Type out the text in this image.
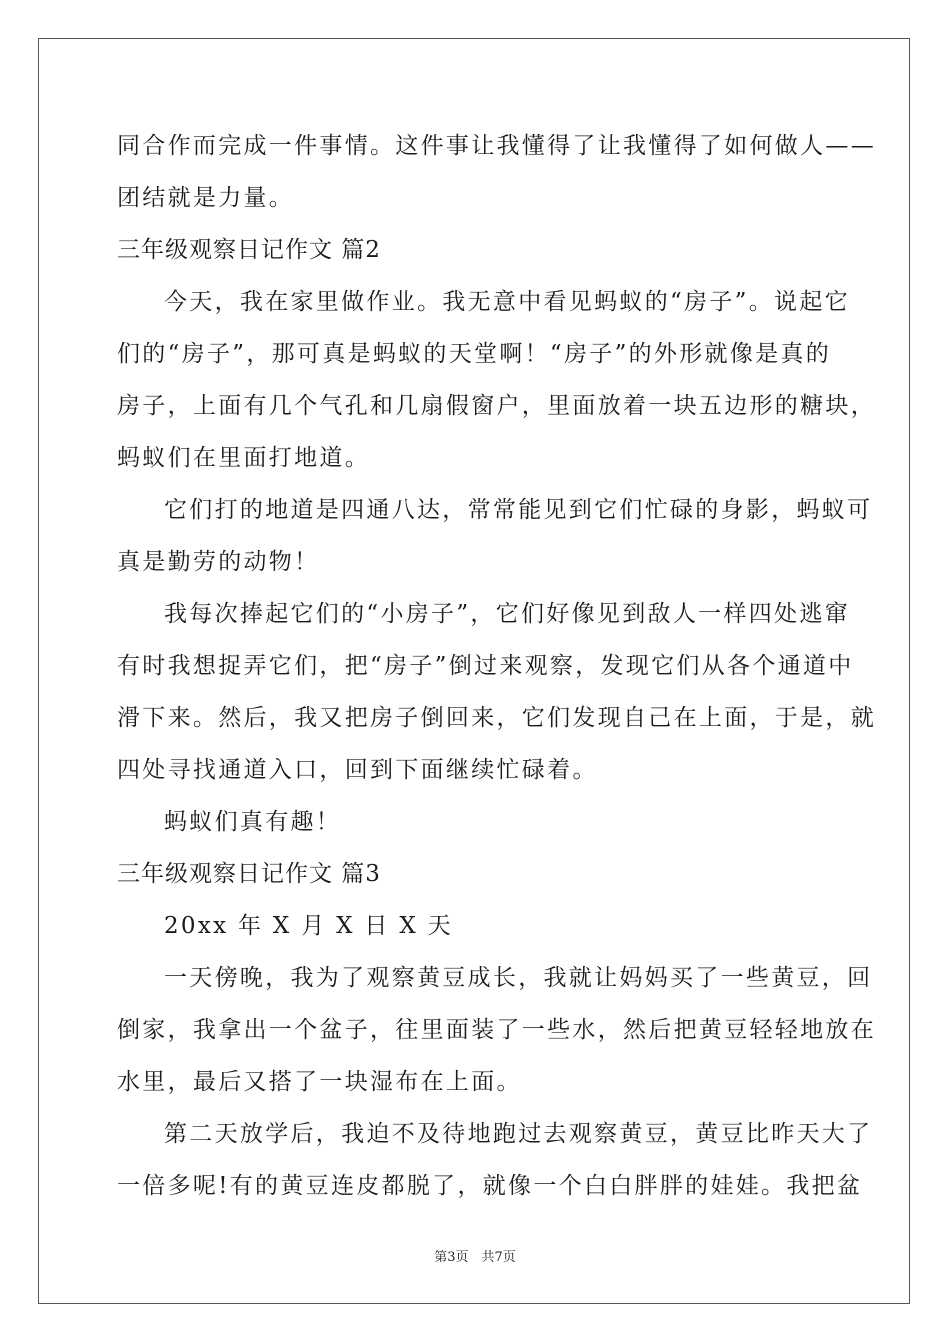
同合作而完成一件事情。这件事让我懂得了让我懂得了如何做人——
团结就是力量。
三年级观察日记作文 篇2
今天，我在家里做作业。我无意中看见蚂蚁的“房子”。说起它
们的“房子”，那可真是蚂蚁的天堂啊！“房子”的外形就像是真的
房子，上面有几个气孔和几扇假窗户，里面放着一块五边形的糖块，
蚂蚁们在里面打地道。
它们打的地道是四通八达，常常能见到它们忙碌的身影，蚂蚁可
真是勤劳的动物！
我每次捧起它们的“小房子”，它们好像见到敌人一样四处逃窜
有时我想捉弄它们，把“房子”倒过来观察，发现它们从各个通道中
滑下来。然后，我又把房子倒回来，它们发现自己在上面，于是，就
四处寻找通道入口，回到下面继续忙碌着。
蚂蚁们真有趣！
三年级观察日记作文 篇3
20xx 年 X 月 X 日 X 天
一天傍晚，我为了观察黄豆成长，我就让妈妈买了一些黄豆，回
倒家，我拿出一个盆子，往里面装了一些水，然后把黄豆轻轻地放在
水里，最后又搭了一块湿布在上面。
第二天放学后，我迫不及待地跑过去观察黄豆，黄豆比昨天大了
一倍多呢!有的黄豆连皮都脱了，就像一个白白胖胖的娃娃。我把盆
第3页　共7页
